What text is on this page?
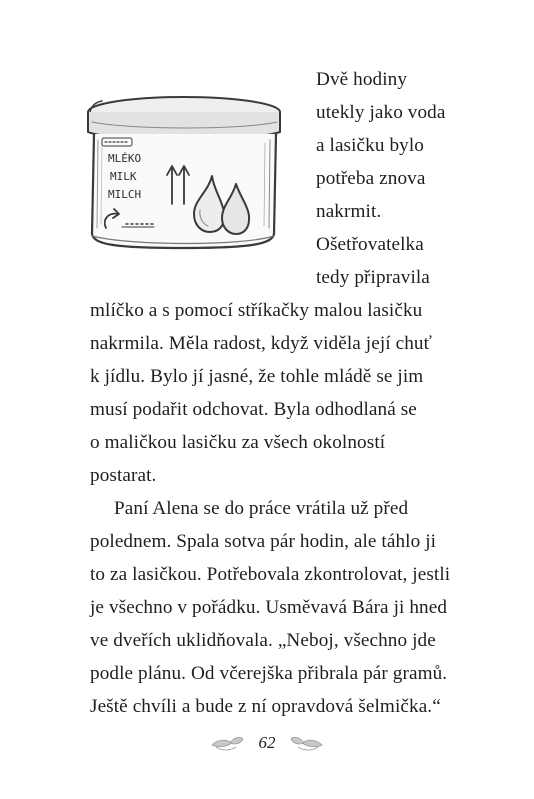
MLÉKO
MILK
MILCH
Dvě hodiny
utekly jako voda
a lasičku bylo
potřeba znova
nakrmit.
Ošetřovatelka
tedy připravila
mlíčko a s pomocí stříkačky malou lasičku
nakrmila. Měla radost, když viděla její chuť
k jídlu. Bylo jí jasné, že tohle mládě se jim
musí podařit odchovat. Byla odhodlaná se
o maličkou lasičku za všech okolností
postarat.
Paní Alena se do práce vrátila už před
polednem. Spala sotva pár hodin, ale táhlo ji
to za lasičkou. Potřebovala zkontrolovat, jestli
je všechno v pořádku. Usměvavá Bára ji hned
ve dveřích uklidňovala. „Neboj, všechno jde
podle plánu. Od včerejška přibrala pár gramů.
Ještě chvíli a bude z ní opravdová šelmička.“
62
